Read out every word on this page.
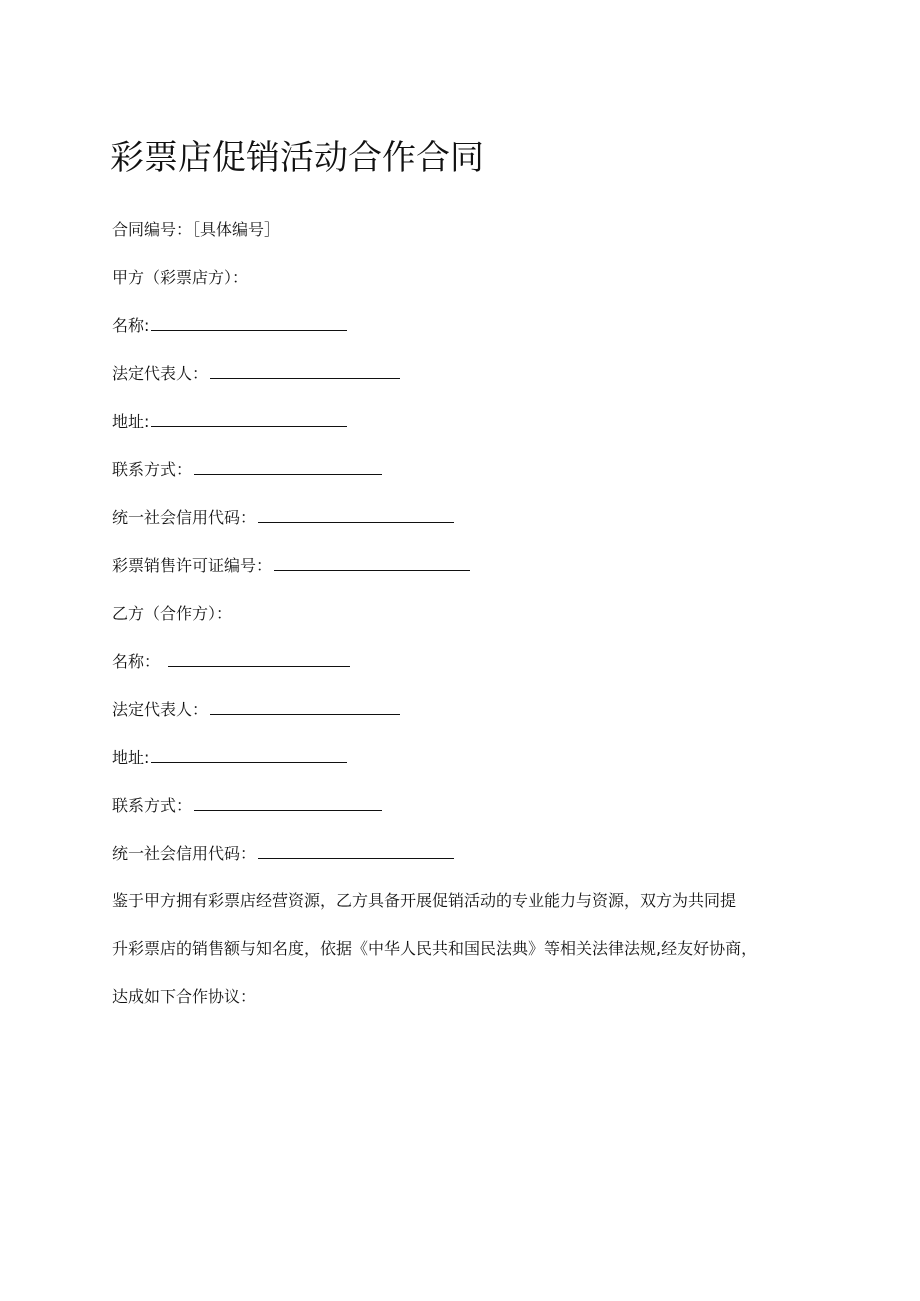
彩票店促销活动合作合同
合同编号：［具体编号］
甲方（彩票店方）：
名称:
法定代表人：
地址:
联系方式：
统一社会信用代码：
彩票销售许可证编号：
乙方（合作方）：
名称：
法定代表人：
地址:
联系方式：
统一社会信用代码：
鉴于甲方拥有彩票店经营资源，乙方具备开展促销活动的专业能力与资源，双方为共同提
升彩票店的销售额与知名度，依据《中华人民共和国民法典》等相关法律法规,经友好协商，
达成如下合作协议：
